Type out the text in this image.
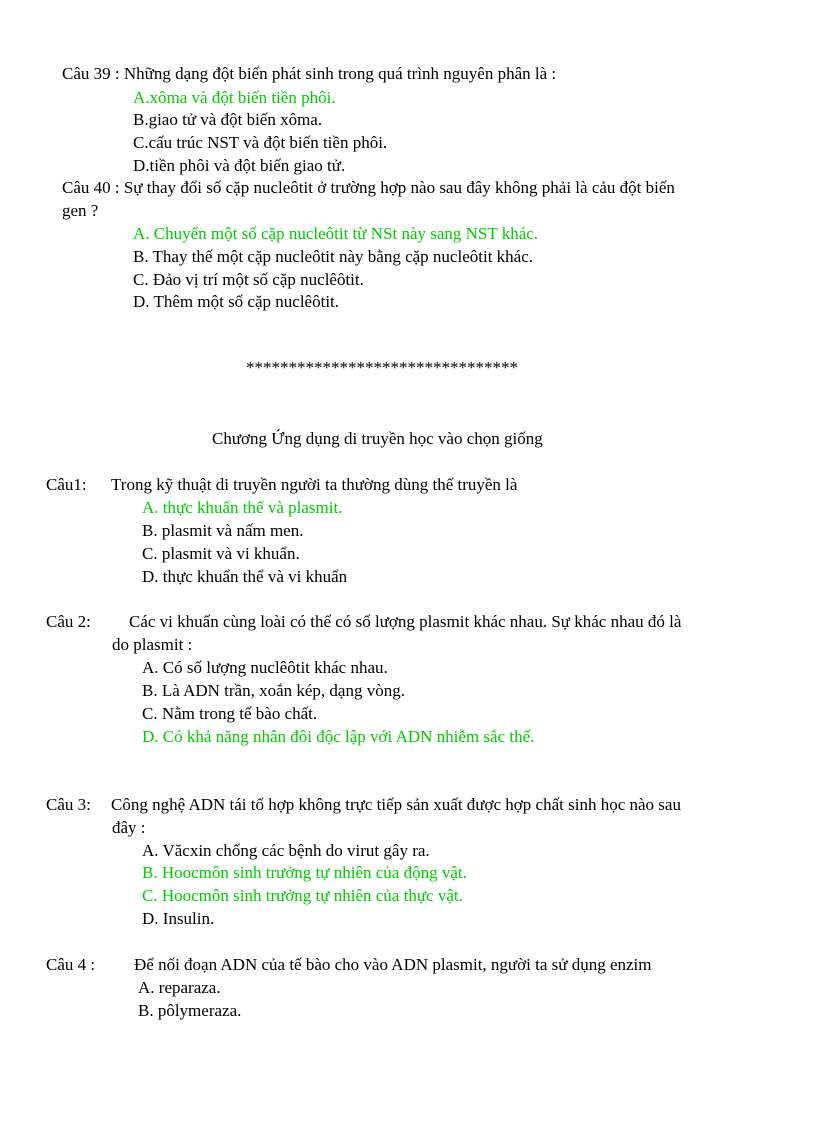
Câu 39 : Những dạng đột biến phát sinh trong quá trình nguyên phân là :
A.xôma và đột biến tiền phôi.
B.giao tử và đột biến xôma.
C.cấu trúc NST và đột biến tiền phôi.
D.tiền phôi và đột biến giao tử.
Câu 40 : Sự thay đổi số cặp nucleôtit ở trường hợp nào sau đây không phải là cảu đột biến
gen ?
A. Chuyển một số cặp nucleôtit từ NSt này sang NST khác.
B. Thay thế một cặp nucleôtit này bằng cặp nucleôtit khác.
C. Đảo vị trí một số cặp nuclêôtit.
D. Thêm một số cặp nuclêôtit.
********************************
Chương Ứng dụng di truyền học vào chọn giống
Câu1: Trong kỹ thuật di truyền người ta thường dùng thể truyền là
A. thực khuẩn thể và plasmit.
B. plasmit và nấm men.
C. plasmit và vi khuẩn.
D. thực khuẩn thể và vi khuẩn
Câu 2: Các vi khuẩn cùng loài có thể có số lượng plasmit khác nhau. Sự khác nhau đó là
do plasmit :
A. Có số lượng nuclêôtit khác nhau.
B. Là ADN trần, xoắn kép, dạng vòng.
C. Nằm trong tế bào chất.
D. Có khả năng nhân đôi độc lập với ADN nhiễm sắc thể.
Câu 3: Công nghệ ADN tái tổ hợp không trực tiếp sản xuất được hợp chất sinh học nào sau
đây :
A. Văcxin chống các bệnh do virut gây ra.
B. Hoocmôn sinh trưởng tự nhiên của động vật.
C. Hoocmôn sinh trưởng tự nhiên của thực vật.
D. Insulin.
Câu 4 : Để nối đoạn ADN của tế bào cho vào ADN plasmit, người ta sử dụng enzim
A. reparaza.
B. pôlymeraza.
